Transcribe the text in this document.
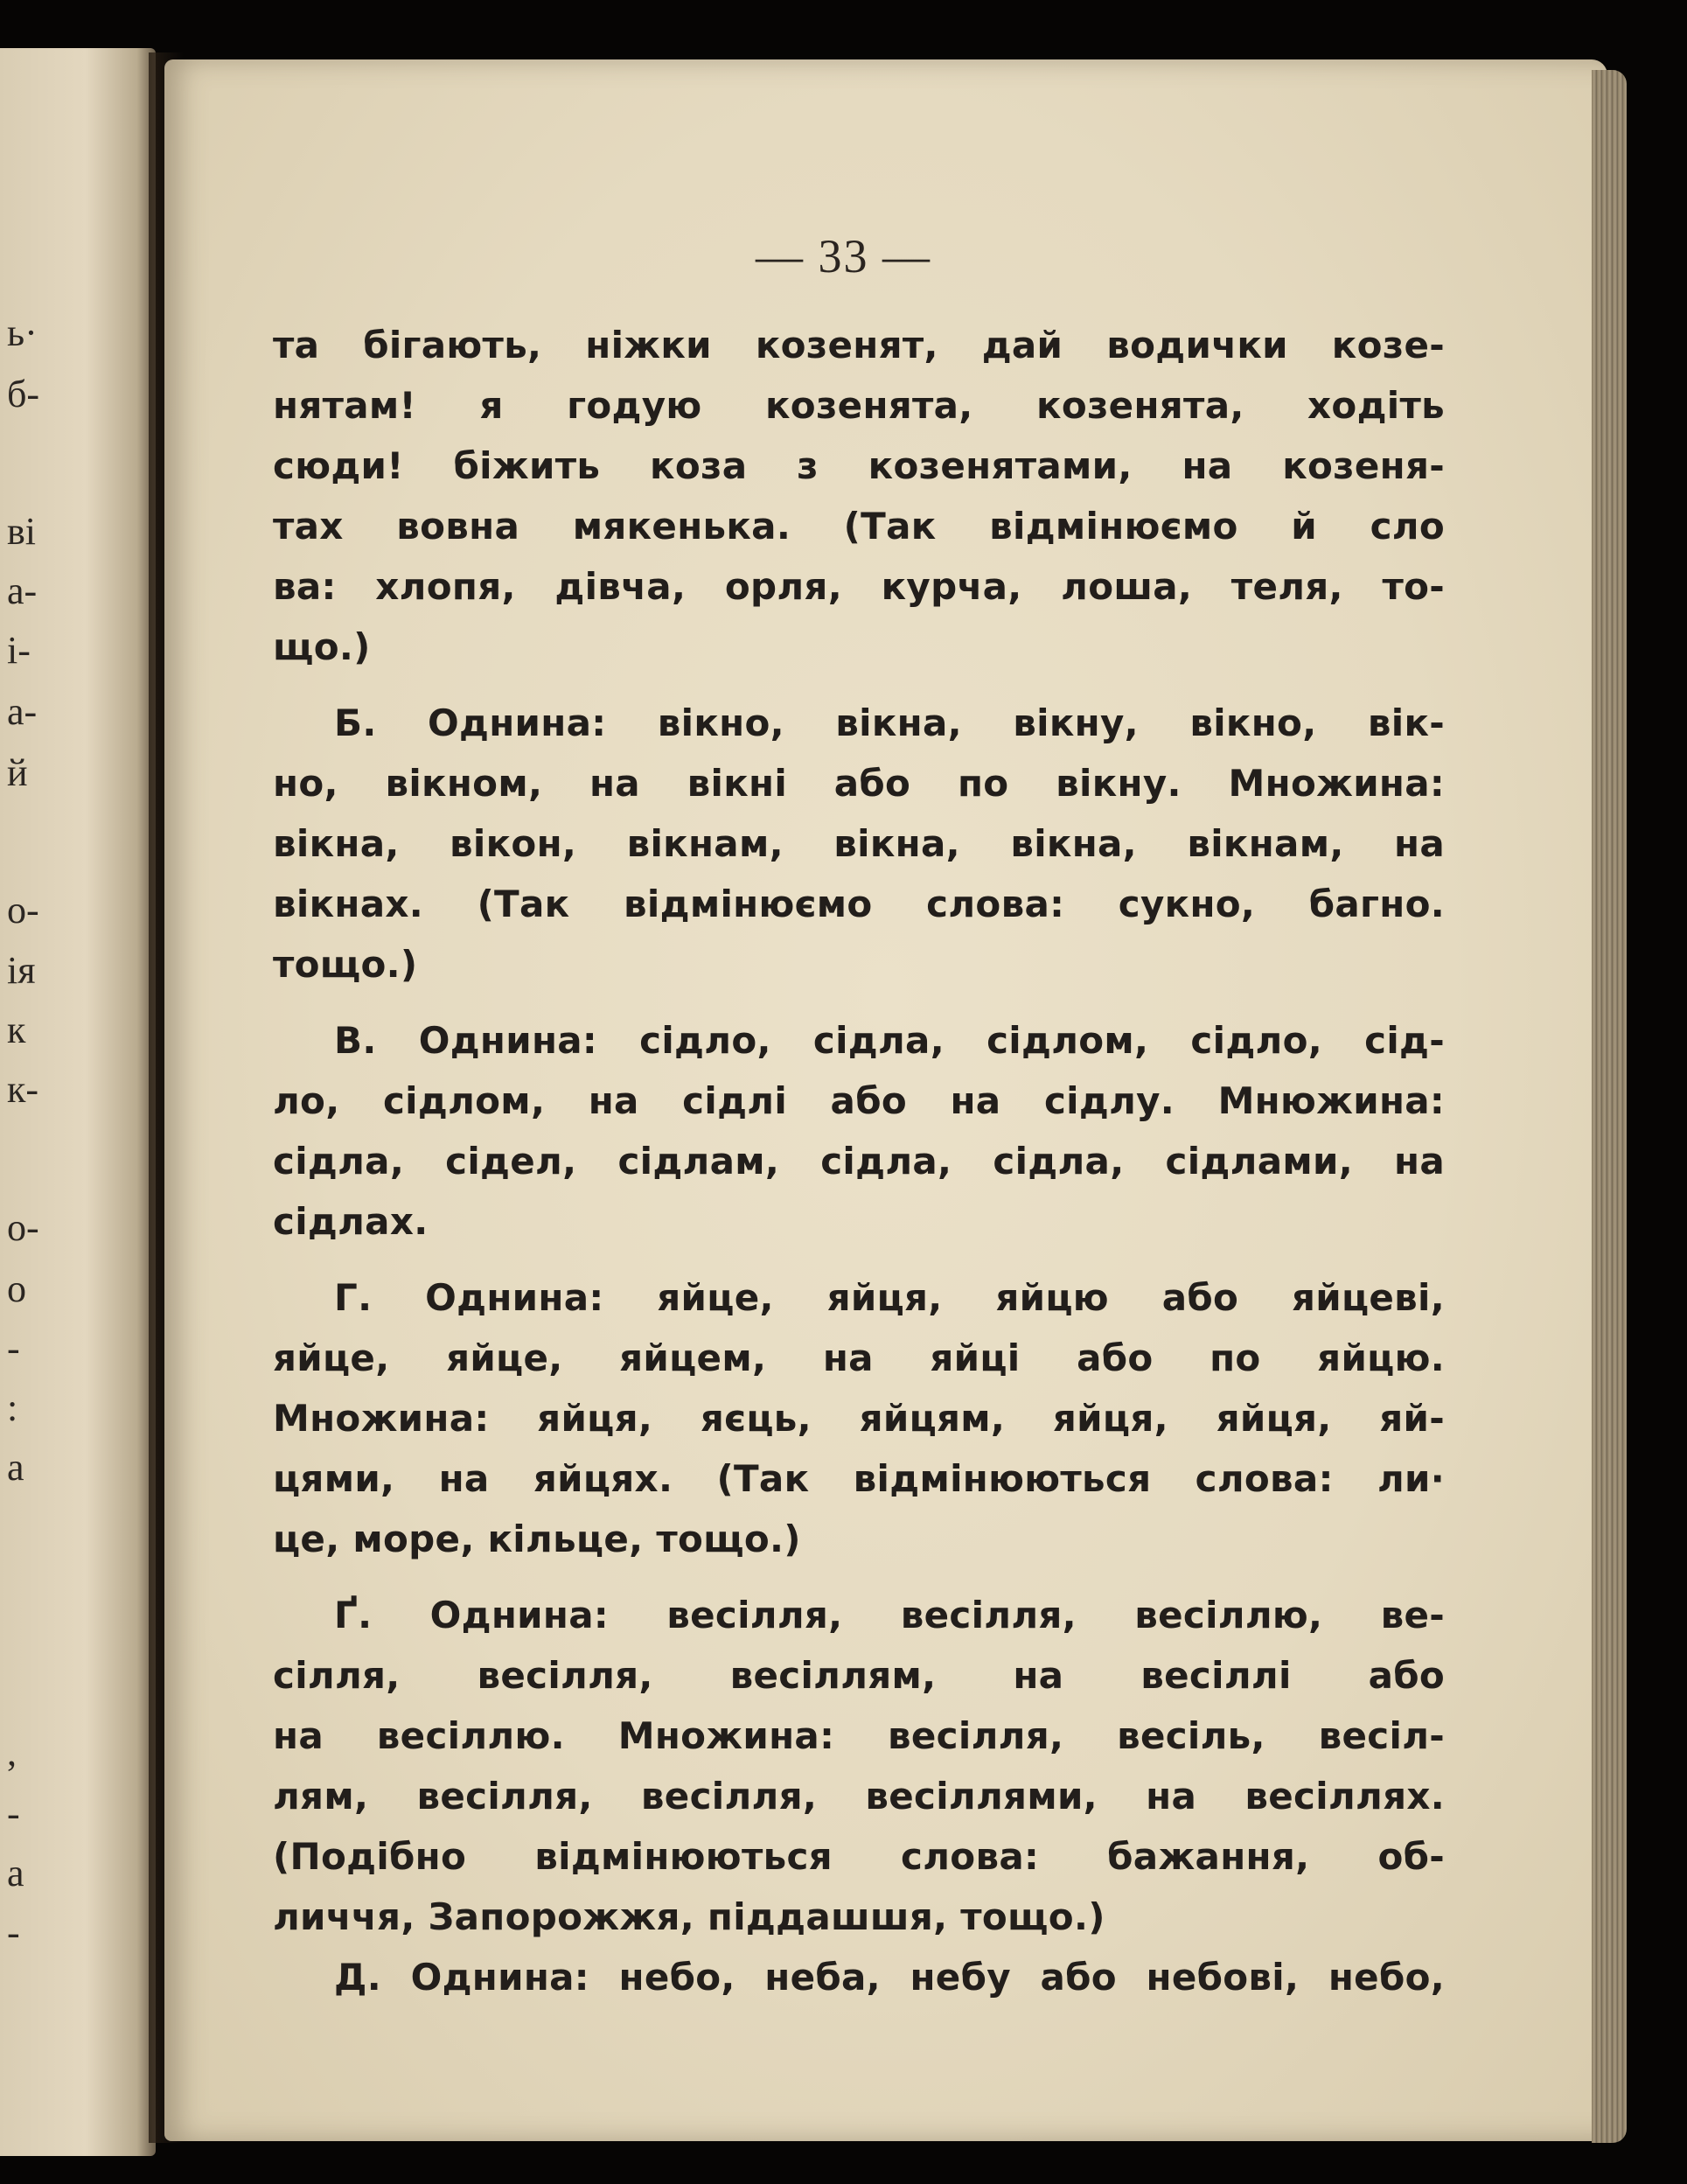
ь·
б-
ві
а-
і-
а-
й
о-
ія
к
к-
о-
о
-
:
а
,
-
а
-
— 33 —
та бігають, ніжки козенят, дай водички козе-
нятам! я годую козенята, козенята, ходіть
сюди! біжить коза з козенятами, на козеня-
тах вовна мякенька. (Так відмінюємо й сло
ва: хлопя, дівча, орля, курча, лоша, теля, то-
що.)
Б. Однина: вікно, вікна, вікну, вікно, вік-
но, вікном, на вікні або по вікну. Множина:
вікна, вікон, вікнам, вікна, вікна, вікнам, на
вікнах. (Так відмінюємо слова: сукно, багно.
тощо.)
В. Однина: сідло, сідла, сідлом, сідло, сід-
ло, сідлом, на сідлі або на сідлу. Мнюжина:
сідла, сідел, сідлам, сідла, сідла, сідлами, на
сідлах.
Г. Однина: яйце, яйця, яйцю або яйцеві,
яйце, яйце, яйцем, на яйці або по яйцю.
Множина: яйця, яєць, яйцям, яйця, яйця, яй-
цями, на яйцях. (Так відмінюються слова: ли·
це, море, кільце, тощо.)
Ґ. Однина: весілля, весілля, весіллю, ве-
сілля, весілля, весіллям, на весіллі або
на весіллю. Множина: весілля, весіль, весіл-
лям, весілля, весілля, весіллями, на весіллях.
(Подібно відмінюються слова: бажання, об-
личчя, Запорожжя, піддашшя, тощо.)
Д. Однина: небо, неба, небу або небові, небо,
